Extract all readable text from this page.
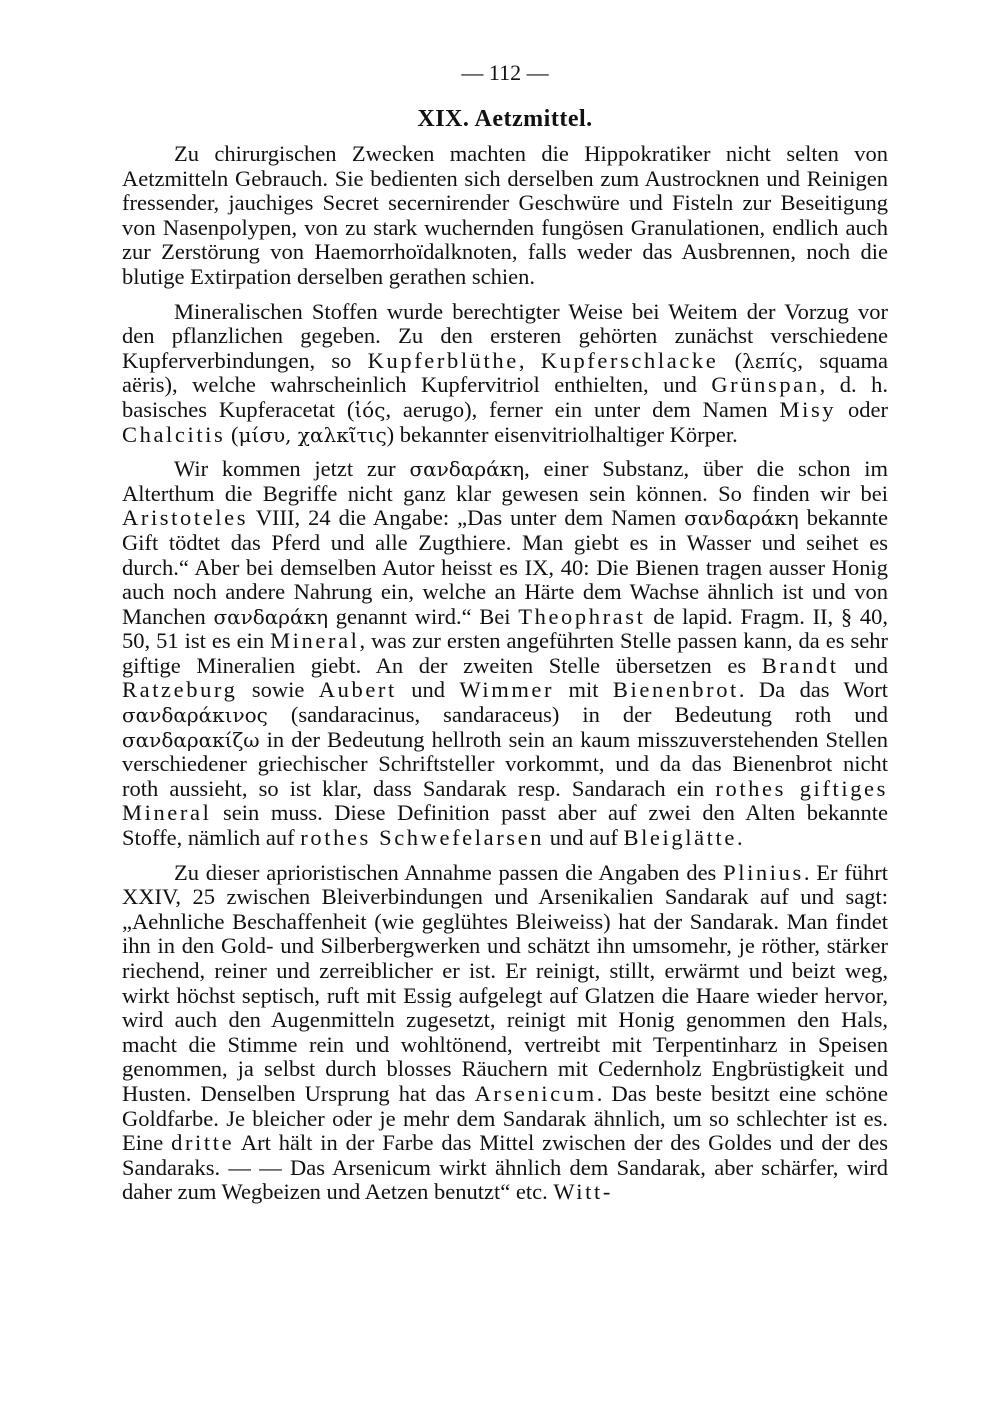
— 112 —

XIX. Aetzmittel.

Zu chirurgischen Zwecken machten die Hippokratiker nicht selten von Aetzmitteln Gebrauch. Sie bedienten sich derselben zum Austrocknen und Reinigen fressender, jauchiges Secret secernirender Geschwüre und Fisteln zur Beseitigung von Nasenpolypen, von zu stark wuchernden fungösen Granulationen, endlich auch zur Zerstörung von Haemorrhoïdalknoten, falls weder das Ausbrennen, noch die blutige Extirpation derselben gerathen schien.

Mineralischen Stoffen wurde berechtigter Weise bei Weitem der Vorzug vor den pflanzlichen gegeben. Zu den ersteren gehörten zunächst verschiedene Kupferverbindungen, so Kupferblüthe, Kupferschlacke (λεπίς, squama aëris), welche wahrscheinlich Kupfervitriol enthielten, und Grünspan, d. h. basisches Kupferacetat (ἰός, aerugo), ferner ein unter dem Namen Misy oder Chalcitis (μίσυ, χαλκῖτις) bekannter eisenvitriolhaltiger Körper.

Wir kommen jetzt zur σανδαράκη, einer Substanz, über die schon im Alterthum die Begriffe nicht ganz klar gewesen sein können. So finden wir bei Aristoteles VIII, 24 die Angabe: „Das unter dem Namen σανδαράκη bekannte Gift tödtet das Pferd und alle Zugthiere. Man giebt es in Wasser und seihet es durch.“ Aber bei demselben Autor heisst es IX, 40: Die Bienen tragen ausser Honig auch noch andere Nahrung ein, welche an Härte dem Wachse ähnlich ist und von Manchen σανδαράκη genannt wird.“ Bei Theophrast de lapid. Fragm. II, § 40, 50, 51 ist es ein Mineral, was zur ersten angeführten Stelle passen kann, da es sehr giftige Mineralien giebt. An der zweiten Stelle übersetzen es Brandt und Ratzeburg sowie Aubert und Wimmer mit Bienenbrot. Da das Wort σανδαράκινος (sandaracinus, sandaraceus) in der Bedeutung roth und σανδαρακίζω in der Bedeutung hellroth sein an kaum misszuverstehenden Stellen verschiedener griechischer Schriftsteller vorkommt, und da das Bienenbrot nicht roth aussieht, so ist klar, dass Sandarak resp. Sandarach ein rothes giftiges Mineral sein muss. Diese Definition passt aber auf zwei den Alten bekannte Stoffe, nämlich auf rothes Schwefelarsen und auf Bleiglätte.

Zu dieser aprioristischen Annahme passen die Angaben des Plinius. Er führt XXIV, 25 zwischen Bleiverbindungen und Arsenikalien Sandarak auf und sagt: „Aehnliche Beschaffenheit (wie geglühtes Bleiweiss) hat der Sandarak. Man findet ihn in den Gold- und Silberbergwerken und schätzt ihn umsomehr, je röther, stärker riechend, reiner und zerreiblicher er ist. Er reinigt, stillt, erwärmt und beizt weg, wirkt höchst septisch, ruft mit Essig aufgelegt auf Glatzen die Haare wieder hervor, wird auch den Augenmitteln zugesetzt, reinigt mit Honig genommen den Hals, macht die Stimme rein und wohltönend, vertreibt mit Terpentinharz in Speisen genommen, ja selbst durch blosses Räuchern mit Cedernholz Engbrüstigkeit und Husten. Denselben Ursprung hat das Arsenicum. Das beste besitzt eine schöne Goldfarbe. Je bleicher oder je mehr dem Sandarak ähnlich, um so schlechter ist es. Eine dritte Art hält in der Farbe das Mittel zwischen der des Goldes und der des Sandaraks. — — Das Arsenicum wirkt ähnlich dem Sandarak, aber schärfer, wird daher zum Wegbeizen und Aetzen benutzt“ etc. Witt-
